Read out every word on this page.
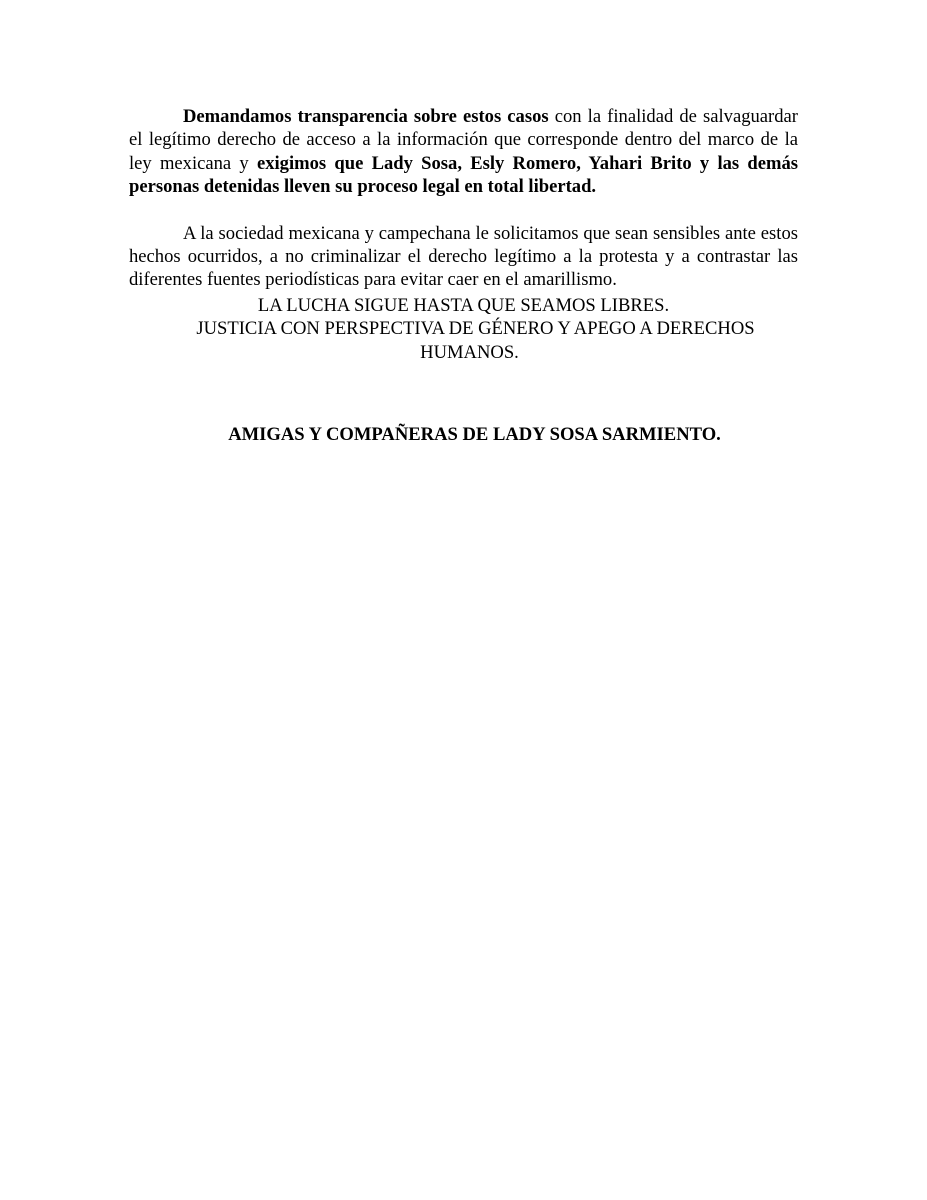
Demandamos transparencia sobre estos casos con la finalidad de salvaguardar el legítimo derecho de acceso a la información que corresponde dentro del marco de la ley mexicana y exigimos que Lady Sosa, Esly Romero, Yahari Brito y las demás personas detenidas lleven su proceso legal en total libertad.

A la sociedad mexicana y campechana le solicitamos que sean sensibles ante estos hechos ocurridos, a no criminalizar el derecho legítimo a la protesta y a contrastar las diferentes fuentes periodísticas para evitar caer en el amarillismo.

LA LUCHA SIGUE HASTA QUE SEAMOS LIBRES.
JUSTICIA CON PERSPECTIVA DE GÉNERO Y APEGO A DERECHOS
HUMANOS.
AMIGAS Y COMPAÑERAS DE LADY SOSA SARMIENTO.
